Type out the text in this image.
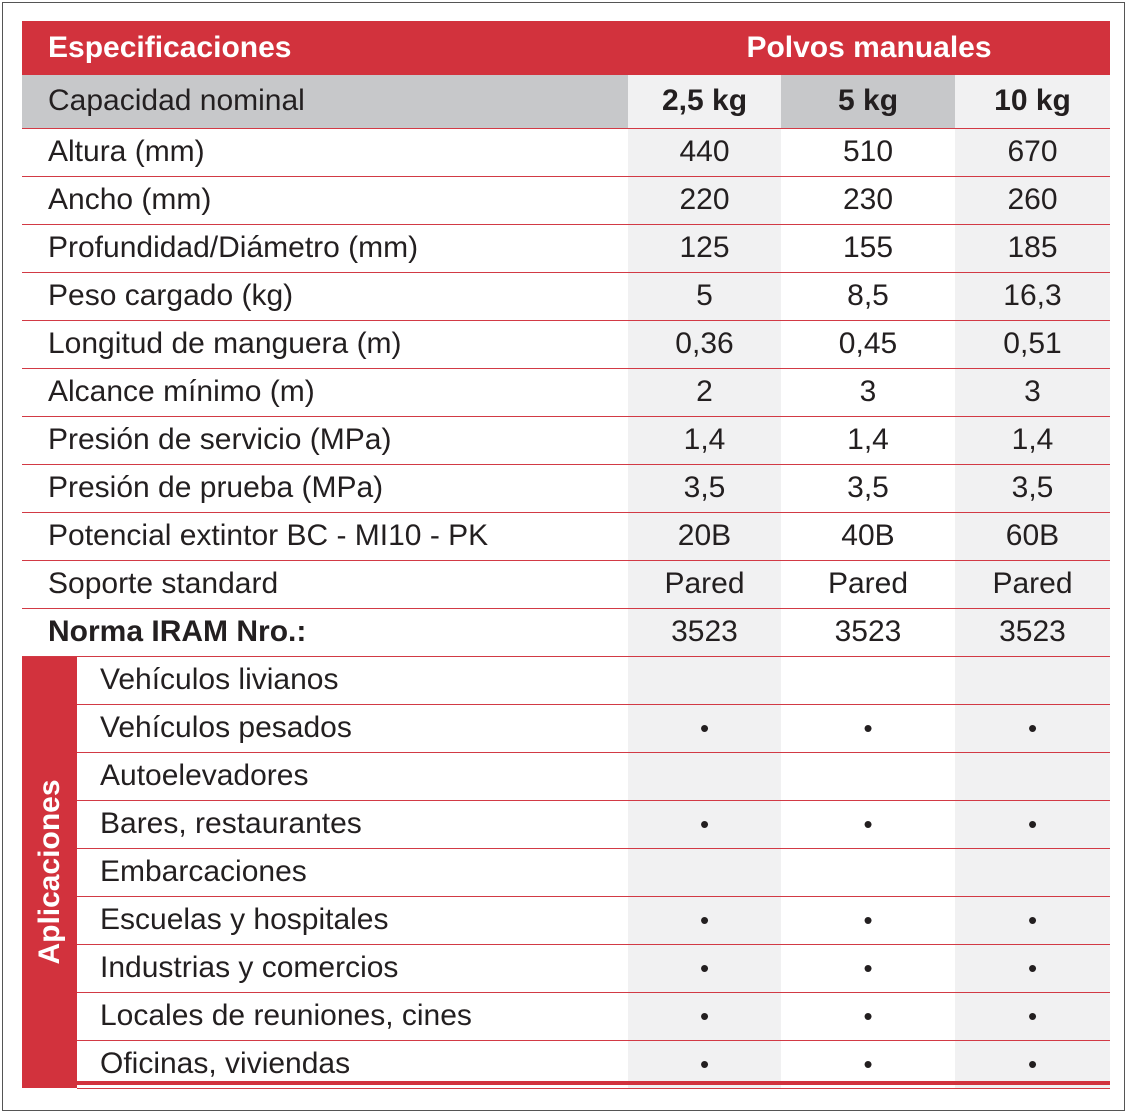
Especificaciones		Polvos manuales		
Capacidad nominal		2,5 kg	5 kg	10 kg
Altura (mm)		440	510	670
Ancho (mm)		220	230	260
Profundidad/Diámetro (mm)		125	155	185
Peso cargado (kg)		5	8,5	16,3
Longitud de manguera (m)		0,36	0,45	0,51
Alcance mínimo (m)		2	3	3
Presión de servicio (MPa)		1,4	1,4	1,4
Presión de prueba (MPa)		3,5	3,5	3,5
Potencial extintor BC - MI10 - PK		20B	40B	60B
Soporte standard		Pared	Pared	Pared
Norma IRAM Nro.:		3523	3523	3523

Aplicaciones	Vehículos livianos			
	Vehículos pesados	•	•	•
	Autoelevadores			
	Bares, restaurantes	•	•	•
	Embarcaciones			
	Escuelas y hospitales	•	•	•
	Industrias y comercios	•	•	•
	Locales de reuniones, cines	•	•	•
	Oficinas, viviendas	•	•	•
